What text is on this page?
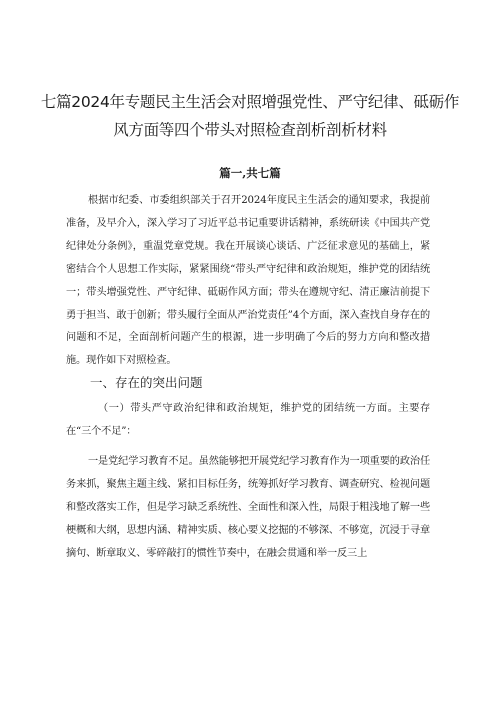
七篇2024年专题民主生活会对照增强党性、严守纪律、砥砺作风方面等四个带头对照检查剖析剖析材料

篇一,共七篇

根据市纪委、市委组织部关于召开2024年度民主生活会的通知要求，我提前准备，及早介入，深入学习了习近平总书记重要讲话精神，系统研读《中国共产党纪律处分条例》，重温党章党规。我在开展谈心谈话、广泛征求意见的基础上，紧密结合个人思想工作实际，紧紧围绕“带头严守纪律和政治规矩，维护党的团结统一；带头增强党性、严守纪律、砥砺作风方面；带头在遵规守纪、清正廉洁前提下勇于担当、敢于创新；带头履行全面从严治党责任”4个方面，深入查找自身存在的问题和不足，全面剖析问题产生的根源，进一步明确了今后的努力方向和整改措施。现作如下对照检查。

一、存在的突出问题

（一）带头严守政治纪律和政治规矩，维护党的团结统一方面。主要存在“三个不足”：

一是党纪学习教育不足。虽然能够把开展党纪学习教育作为一项重要的政治任务来抓，聚焦主题主线、紧扣目标任务，统筹抓好学习教育、调查研究、检视问题和整改落实工作，但是学习缺乏系统性、全面性和深入性，局限于粗浅地了解一些梗概和大纲，思想内涵、精神实质、核心要义挖掘的不够深、不够宽，沉浸于寻章摘句、断章取义、零碎敲打的惯性节奏中，在融会贯通和举一反三上
